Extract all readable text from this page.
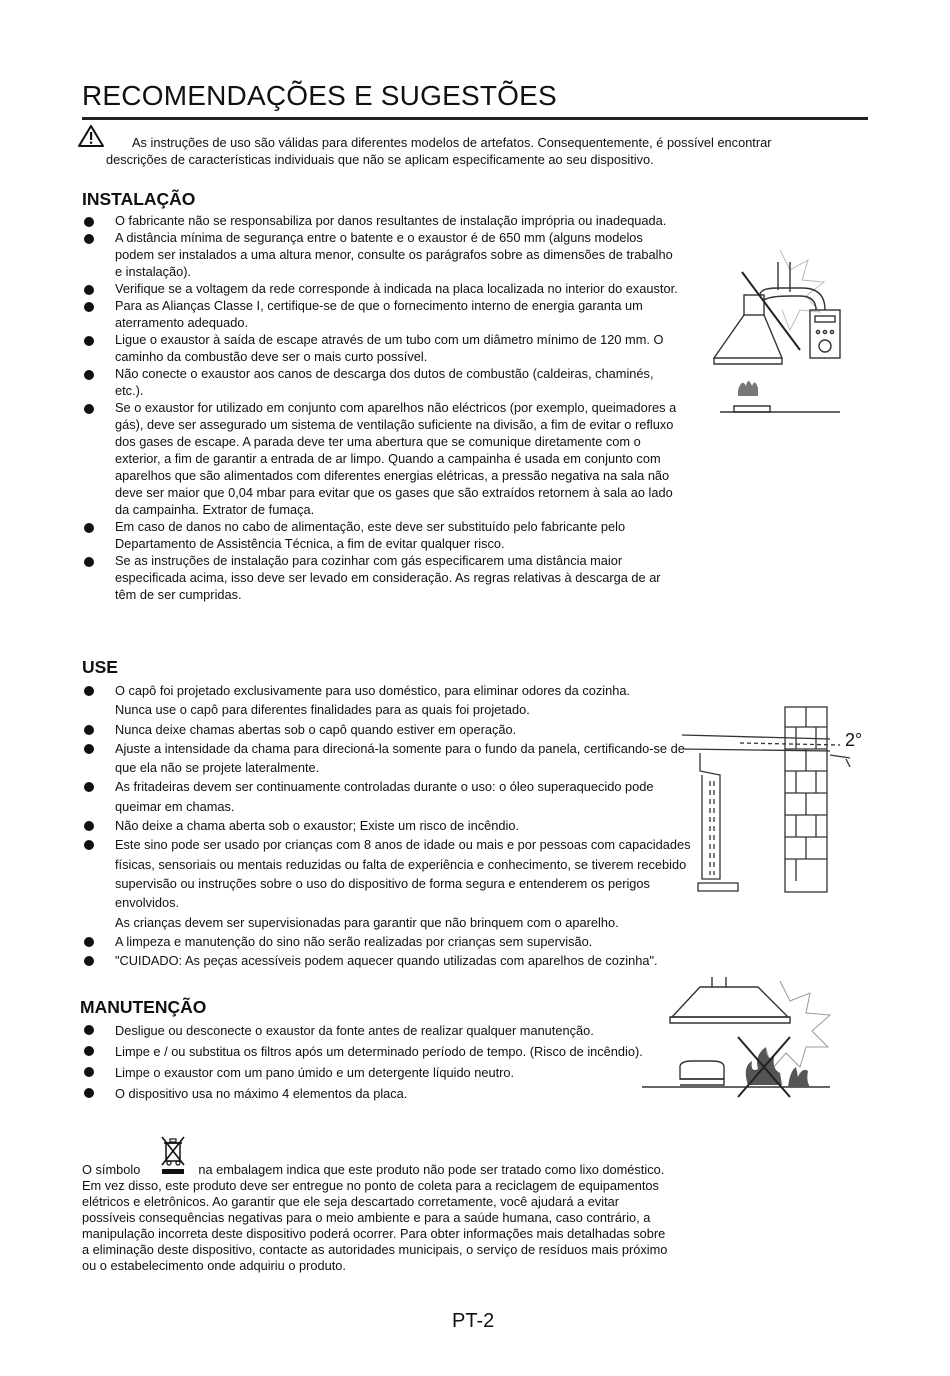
RECOMENDAÇÕES E SUGESTÕES
As instruções de uso são válidas para diferentes modelos de artefatos. Consequentemente, é possível encontrar descrições de características individuais que não se aplicam especificamente ao seu dispositivo.
INSTALAÇÃO
O fabricante não se responsabiliza por danos resultantes de instalação imprópria ou inadequada.
A distância mínima de segurança entre o batente e o exaustor é de 650 mm (alguns modelos podem ser instalados a uma altura menor, consulte os parágrafos sobre as dimensões de trabalho e instalação).
Verifique se a voltagem da rede corresponde à indicada na placa localizada no interior do exaustor.
Para as Alianças Classe I, certifique-se de que o fornecimento interno de energia garanta um aterramento adequado.
Ligue o exaustor à saída de escape através de um tubo com um diâmetro mínimo de 120 mm. O caminho da combustão deve ser o mais curto possível.
Não conecte o exaustor aos canos de descarga dos dutos de combustão (caldeiras, chaminés, etc.).
Se o exaustor for utilizado em conjunto com aparelhos não eléctricos (por exemplo, queimadores a gás), deve ser assegurado um sistema de ventilação suficiente na divisão, a fim de evitar o refluxo dos gases de escape. A parada deve ter uma abertura que se comunique diretamente com o exterior, a fim de garantir a entrada de ar limpo. Quando a campainha é usada em conjunto com aparelhos que são alimentados com diferentes energias elétricas, a pressão negativa na sala não deve ser maior que 0,04 mbar para evitar que os gases que são extraídos retornem à sala ao lado da campainha. Extrator de fumaça.
Em caso de danos no cabo de alimentação, este deve ser substituído pelo fabricante pelo Departamento de Assistência Técnica, a fim de evitar qualquer risco.
Se as instruções de instalação para cozinhar com gás especificarem uma distância maior especificada acima, isso deve ser levado em consideração. As regras relativas à descarga de ar têm de ser cumpridas.
USE
O capô foi projetado exclusivamente para uso doméstico, para eliminar odores da cozinha.
Nunca use o capô para diferentes finalidades para as quais foi projetado.
Nunca deixe chamas abertas sob o capô quando estiver em operação.
Ajuste a intensidade da chama para direcioná-la somente para o fundo da panela, certificando-se de que ela não se projete lateralmente.
As fritadeiras devem ser continuamente controladas durante o uso: o óleo superaquecido pode queimar em chamas.
Não deixe a chama aberta sob o exaustor; Existe um risco de incêndio.
Este sino pode ser usado por crianças com 8 anos de idade ou mais e por pessoas com capacidades físicas, sensoriais ou mentais reduzidas ou falta de experiência e conhecimento, se tiverem recebido supervisão ou instruções sobre o uso do dispositivo de forma segura e entenderem os perigos envolvidos.
As crianças devem ser supervisionadas para garantir que não brinquem com o aparelho.
A limpeza e manutenção do sino não serão realizadas por crianças sem supervisão.
"CUIDADO: As peças acessíveis podem aquecer quando utilizadas com aparelhos de cozinha".
MANUTENÇÃO
Desligue ou desconecte o exaustor da fonte antes de realizar qualquer manutenção.
Limpe e / ou substitua os filtros após um determinado período de tempo. (Risco de incêndio).
Limpe o exaustor com um pano úmido e um detergente líquido neutro.
O dispositivo usa no máximo 4 elementos da placa.
O símbolo	na embalagem indica que este produto não pode ser tratado como lixo doméstico. Em vez disso, este produto deve ser entregue no ponto de coleta para a reciclagem de equipamentos elétricos e eletrônicos. Ao garantir que ele seja descartado corretamente, você ajudará a evitar possíveis consequências negativas para o meio ambiente e para a saúde humana, caso contrário, a manipulação incorreta deste dispositivo poderá ocorrer. Para obter informações mais detalhadas sobre a eliminação deste dispositivo, contacte as autoridades municipais, o serviço de resíduos mais próximo ou o estabelecimento onde adquiriu o produto.
PT-2
2°
